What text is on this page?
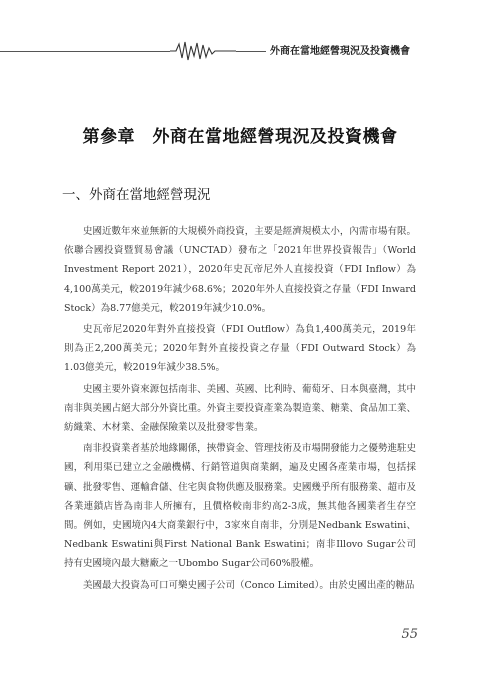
外商在當地經營現況及投資機會
第參章　外商在當地經營現況及投資機會
一、外商在當地經營現況

史國近數年來並無新的大規模外商投資，主要是經濟規模太小，內需市場有限。依聯合國投資暨貿易會議（UNCTAD）發布之「2021年世界投資報告」（World Investment Report 2021），2020年史瓦帝尼外人直接投資（FDI Inflow）為4,100萬美元，較2019年減少68.6%；2020年外人直接投資之存量（FDI Inward Stock）為8.77億美元，較2019年減少10.0%。

史瓦帝尼2020年對外直接投資（FDI Outflow）為負1,400萬美元，2019年則為正2,200萬美元；2020年對外直接投資之存量（FDI Outward Stock）為1.03億美元，較2019年減少38.5%。

史國主要外資來源包括南非、美國、英國、比利時、葡萄牙、日本與臺灣，其中南非與美國占絕大部分外資比重。外資主要投資產業為製造業、糖業、食品加工業、紡織業、木材業、金融保險業以及批發零售業。

南非投資業者基於地緣關係，挾帶資金、管理技術及市場開發能力之優勢進駐史國，利用渠已建立之金融機構、行銷管道與商業網，遍及史國各產業市場，包括採礦、批發零售、運輸倉儲、住宅與食物供應及服務業。史國幾乎所有服務業、超市及各業連鎖店皆為南非人所擁有，且價格較南非約高2-3成，無其他各國業者生存空間。例如，史國境內4大商業銀行中，3家來自南非，分別是Nedbank Eswatini、Nedbank Eswatini與First National Bank Eswatini；南非Illovo Sugar公司持有史國境內最大糖廠之一Ubombo Sugar公司60%股權。

美國最大投資為可口可樂史國子公司（Conco Limited）。由於史國出產的糖品

55
